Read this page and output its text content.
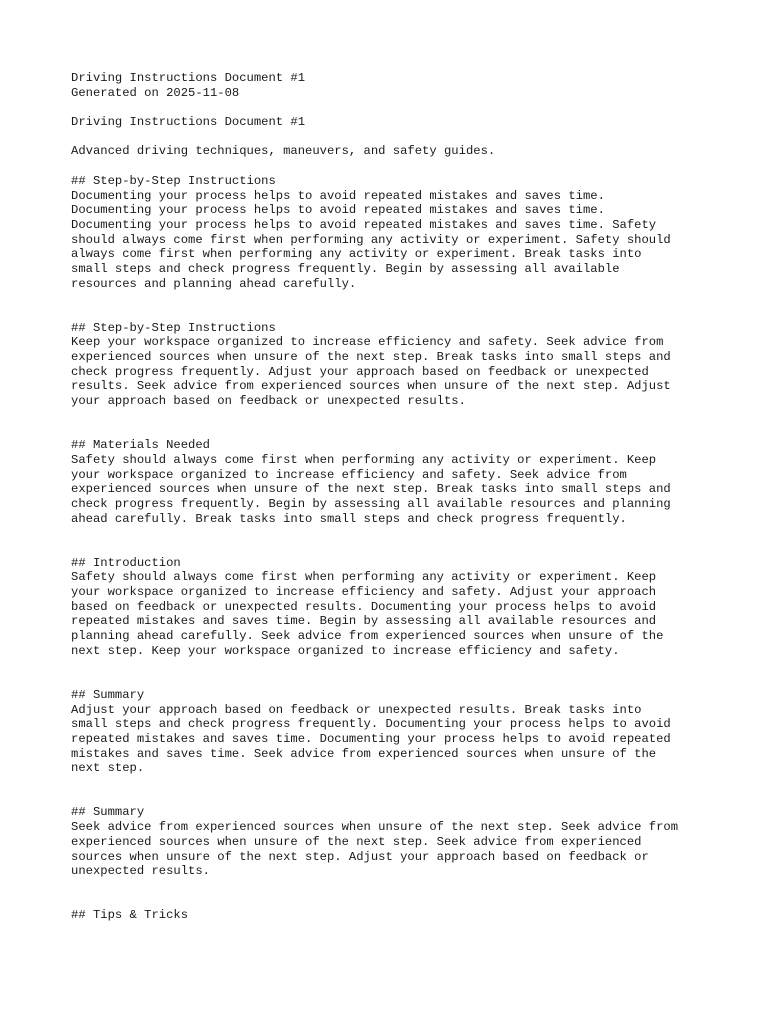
Driving Instructions Document #1
Generated on 2025-11-08
Driving Instructions Document #1
Advanced driving techniques, maneuvers, and safety guides.
## Step-by-Step Instructions
Documenting your process helps to avoid repeated mistakes and saves time.
Documenting your process helps to avoid repeated mistakes and saves time.
Documenting your process helps to avoid repeated mistakes and saves time. Safety
should always come first when performing any activity or experiment. Safety should
always come first when performing any activity or experiment. Break tasks into
small steps and check progress frequently. Begin by assessing all available
resources and planning ahead carefully.
## Step-by-Step Instructions
Keep your workspace organized to increase efficiency and safety. Seek advice from
experienced sources when unsure of the next step. Break tasks into small steps and
check progress frequently. Adjust your approach based on feedback or unexpected
results. Seek advice from experienced sources when unsure of the next step. Adjust
your approach based on feedback or unexpected results.
## Materials Needed
Safety should always come first when performing any activity or experiment. Keep
your workspace organized to increase efficiency and safety. Seek advice from
experienced sources when unsure of the next step. Break tasks into small steps and
check progress frequently. Begin by assessing all available resources and planning
ahead carefully. Break tasks into small steps and check progress frequently.
## Introduction
Safety should always come first when performing any activity or experiment. Keep
your workspace organized to increase efficiency and safety. Adjust your approach
based on feedback or unexpected results. Documenting your process helps to avoid
repeated mistakes and saves time. Begin by assessing all available resources and
planning ahead carefully. Seek advice from experienced sources when unsure of the
next step. Keep your workspace organized to increase efficiency and safety.
## Summary
Adjust your approach based on feedback or unexpected results. Break tasks into
small steps and check progress frequently. Documenting your process helps to avoid
repeated mistakes and saves time. Documenting your process helps to avoid repeated
mistakes and saves time. Seek advice from experienced sources when unsure of the
next step.
## Summary
Seek advice from experienced sources when unsure of the next step. Seek advice from
experienced sources when unsure of the next step. Seek advice from experienced
sources when unsure of the next step. Adjust your approach based on feedback or
unexpected results.
## Tips & Tricks
